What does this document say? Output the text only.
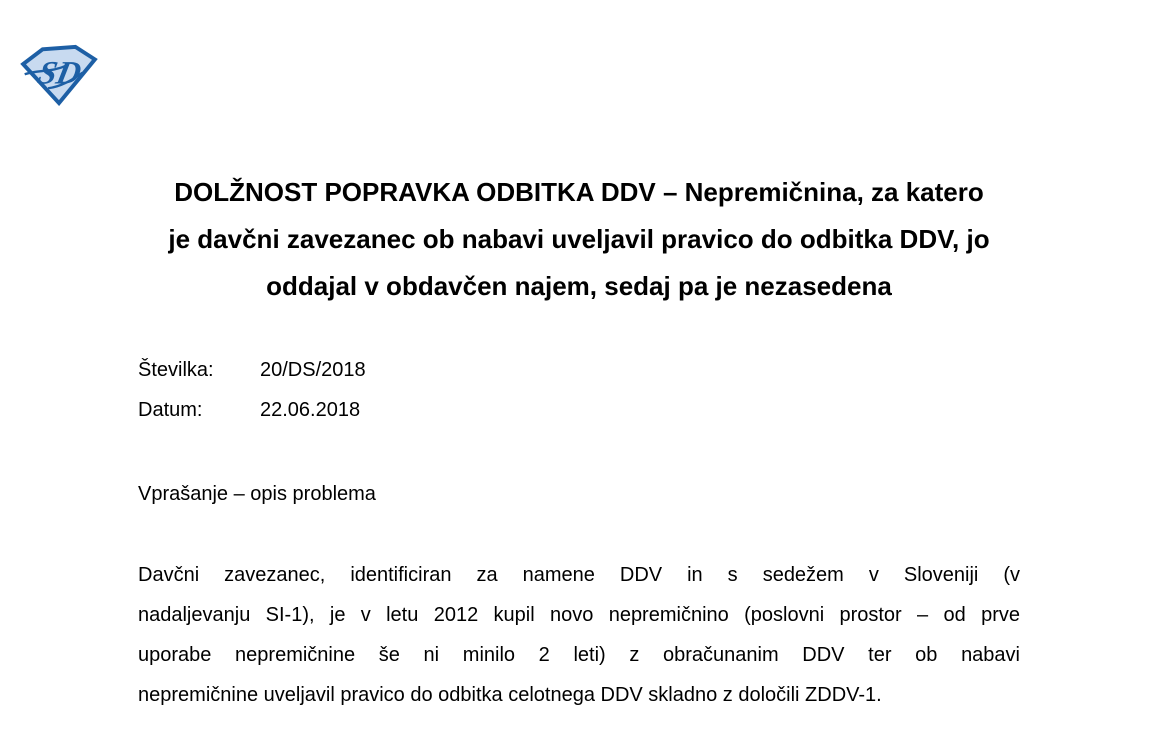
SD
DOLŽNOST POPRAVKA ODBITKA DDV – Nepremičnina, za katero
je davčni zavezanec ob nabavi uveljavil pravico do odbitka DDV, jo
oddajal v obdavčen najem, sedaj pa je nezasedena
Številka:	20/DS/2018
Datum:	22.06.2018
Vprašanje – opis problema
Davčni zavezanec, identificiran za namene DDV in s sedežem v Sloveniji (v
nadaljevanju SI-1), je v letu 2012 kupil novo nepremičnino (poslovni prostor – od prve
uporabe nepremičnine še ni minilo 2 leti) z obračunanim DDV ter ob nabavi
nepremičnine uveljavil pravico do odbitka celotnega DDV skladno z določili ZDDV-1.
